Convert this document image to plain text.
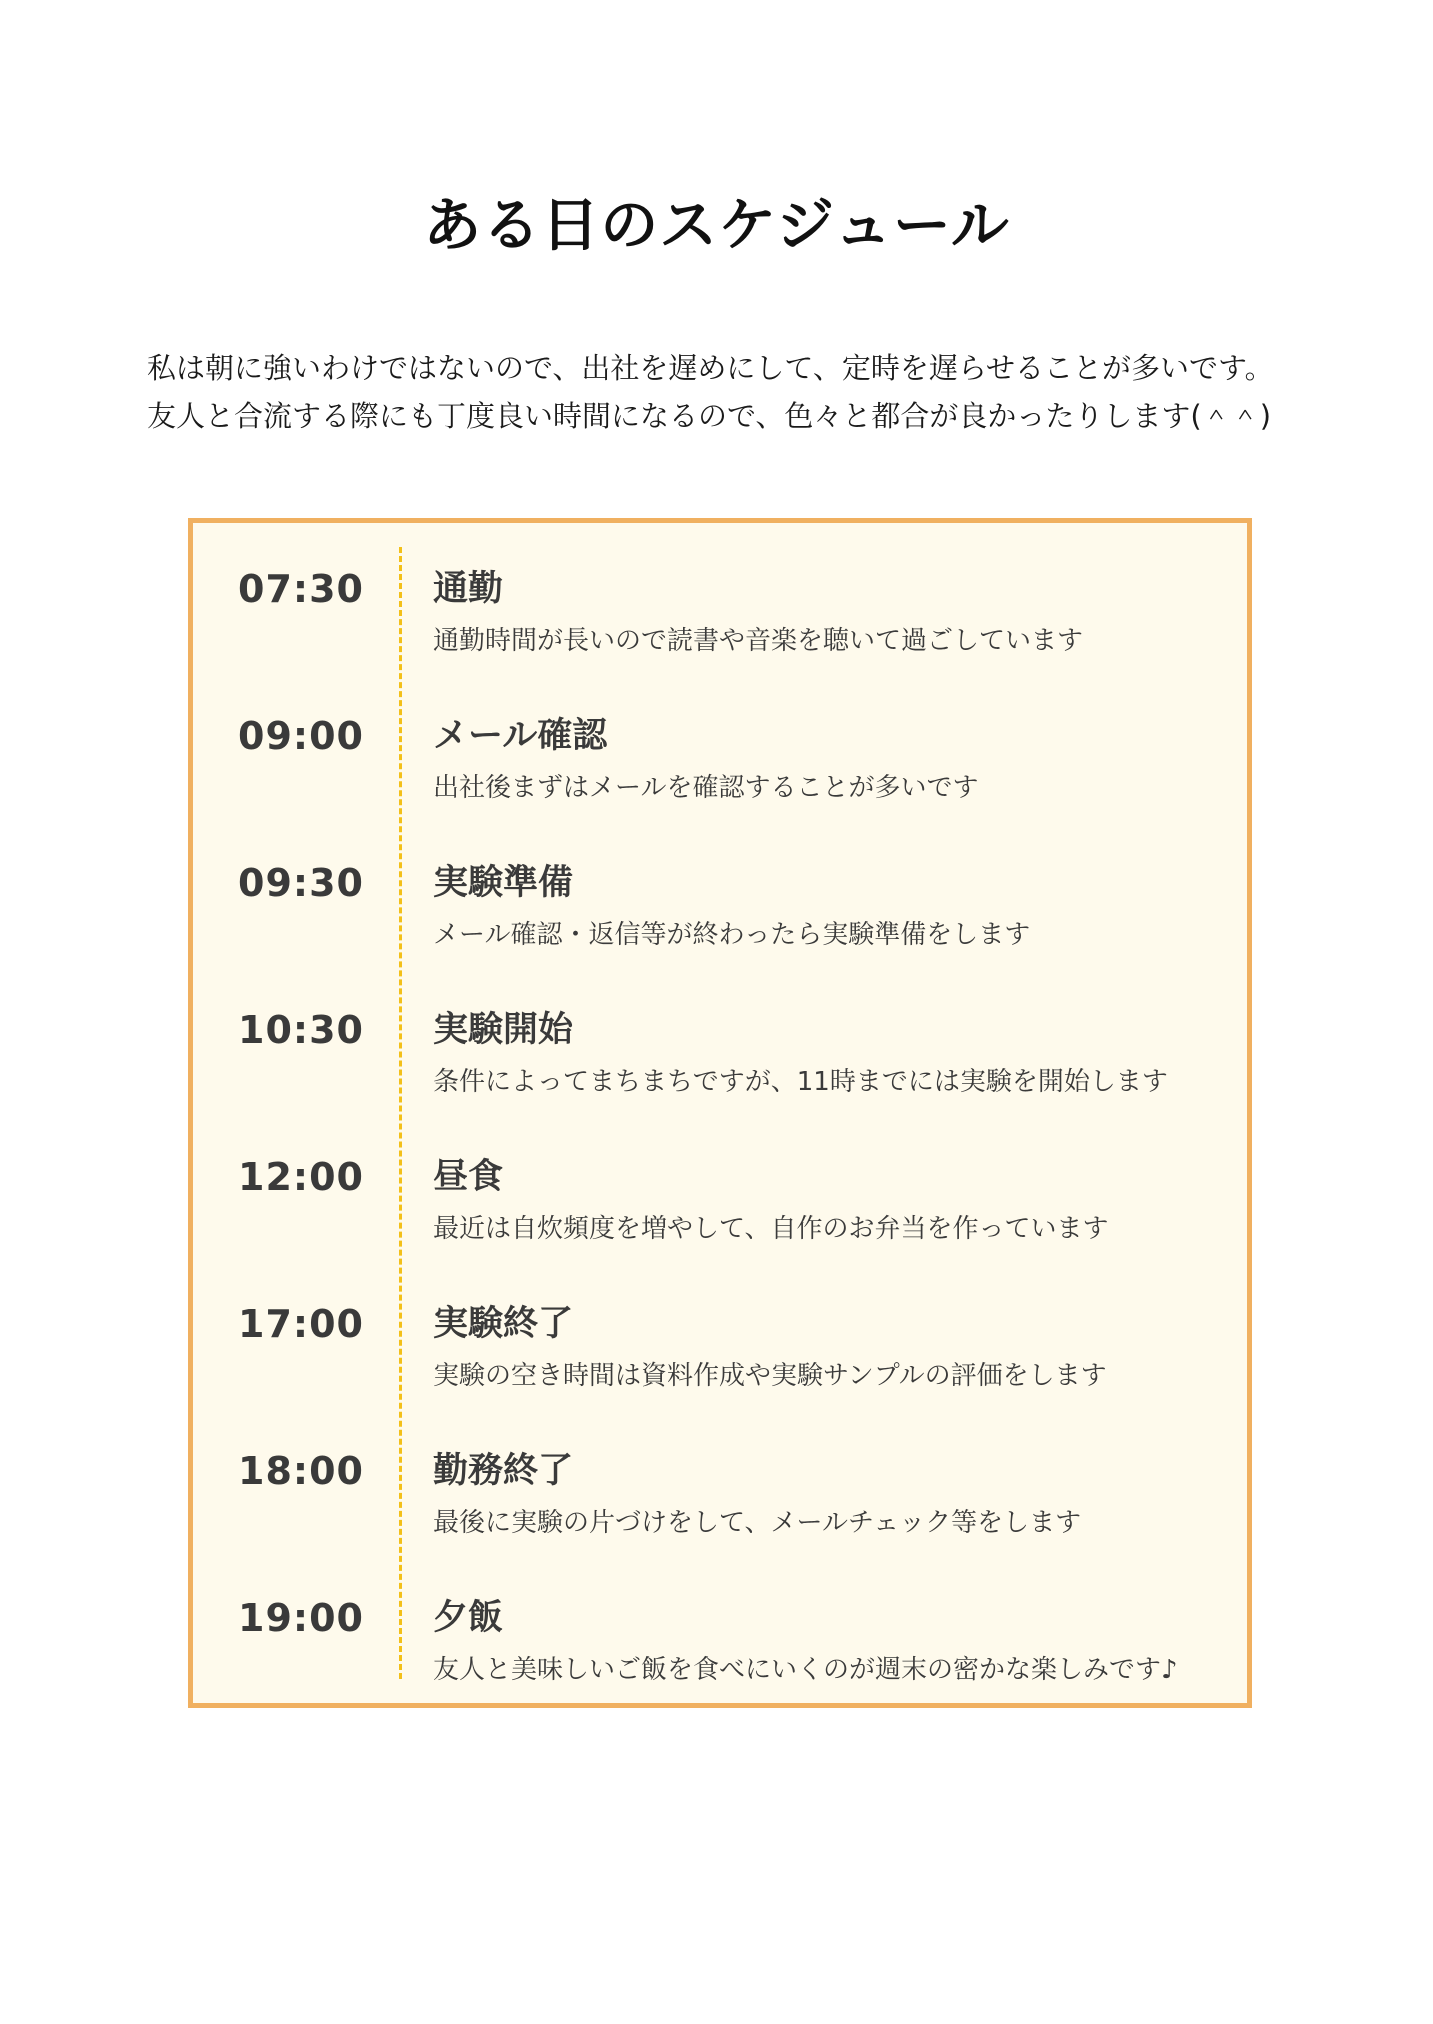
ある日のスケジュール

私は朝に強いわけではないので、出社を遅めにして、定時を遅らせることが多いです。

友人と合流する際にも丁度良い時間になるので、色々と都合が良かったりします(＾＾)

07:30	通勤
通勤時間が長いので読書や音楽を聴いて過ごしています
09:00	メール確認
出社後まずはメールを確認することが多いです
09:30	実験準備
メール確認・返信等が終わったら実験準備をします
10:30	実験開始
条件によってまちまちですが、11時までには実験を開始します
12:00	昼食
最近は自炊頻度を増やして、自作のお弁当を作っています
17:00	実験終了
実験の空き時間は資料作成や実験サンプルの評価をします
18:00	勤務終了
最後に実験の片づけをして、メールチェック等をします
19:00	夕飯
友人と美味しいご飯を食べにいくのが週末の密かな楽しみです♪
